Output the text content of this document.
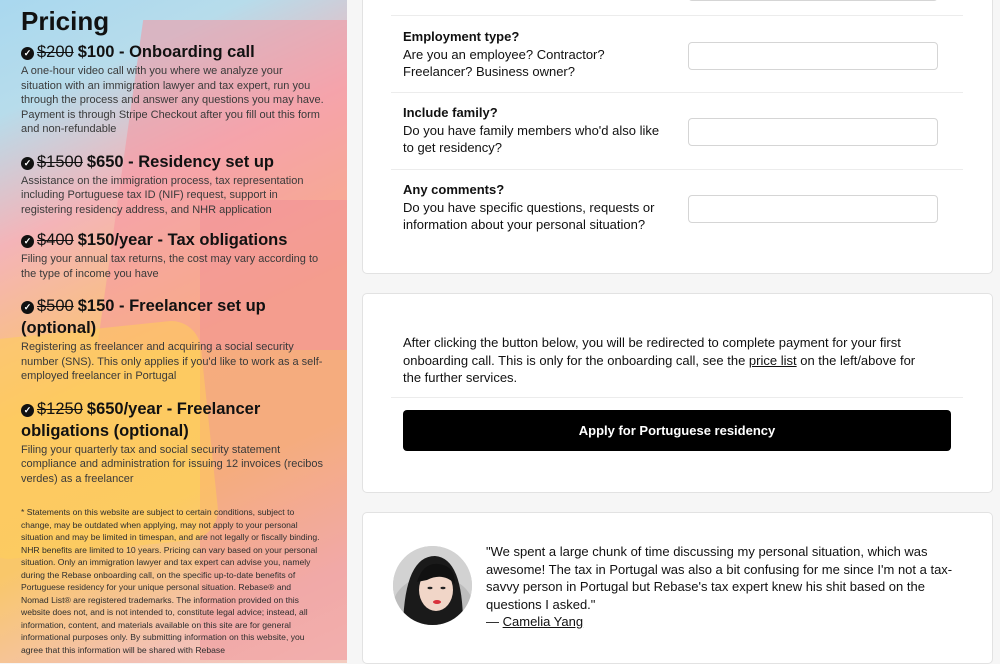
Pricing
✓ $200 $100 - Onboarding call
A one-hour video call with you where we analyze your situation with an immigration lawyer and tax expert, run you through the process and answer any questions you may have. Payment is through Stripe Checkout after you fill out this form and non-refundable
✓ $1500 $650 - Residency set up
Assistance on the immigration process, tax representation including Portuguese tax ID (NIF) request, support in registering residency address, and NHR application
✓ $400 $150/year - Tax obligations
Filing your annual tax returns, the cost may vary according to the type of income you have
✓ $500 $150 - Freelancer set up (optional)
Registering as freelancer and acquiring a social security number (SNS). This only applies if you'd like to work as a self-employed freelancer in Portugal
✓ $1250 $650/year - Freelancer obligations (optional)
Filing your quarterly tax and social security statement compliance and administration for issuing 12 invoices (recibos verdes) as a freelancer
* Statements on this website are subject to certain conditions, subject to change, may be outdated when applying, may not apply to your personal situation and may be limited in timespan, and are not legally or fiscally binding. NHR benefits are limited to 10 years. Pricing can vary based on your personal situation. Only an immigration lawyer and tax expert can advise you, namely during the Rebase onboarding call, on the specific up-to-date benefits of Portuguese residency for your unique personal situation. Rebase® and Nomad List® are registered trademarks. The information provided on this website does not, and is not intended to, constitute legal advice; instead, all information, content, and materials available on this site are for general informational purposes only. By submitting information on this website, you agree that this information will be shared with Rebase
Employment type?
Are you an employee? Contractor? Freelancer? Business owner?
Include family?
Do you have family members who'd also like to get residency?
Any comments?
Do you have specific questions, requests or information about your personal situation?
After clicking the button below, you will be redirected to complete payment for your first onboarding call. This is only for the onboarding call, see the price list on the left/above for the further services.
Apply for Portuguese residency
"We spent a large chunk of time discussing my personal situation, which was awesome! The tax in Portugal was also a bit confusing for me since I'm not a tax-savvy person in Portugal but Rebase's tax expert knew his shit based on the questions I asked."
— Camelia Yang
